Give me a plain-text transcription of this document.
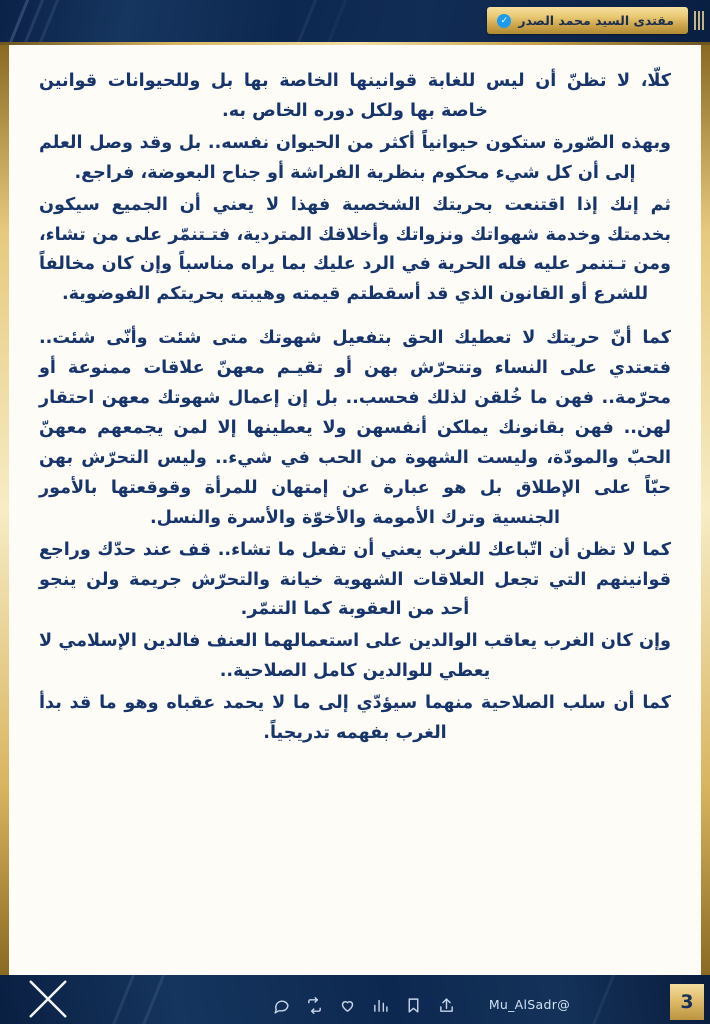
مقتدى السيد محمد الصدر
✓

كلّا، لا تظنّ أن ليس للغابة قوانينها الخاصة بها بل وللحيوانات قوانين خاصة بها ولكل دوره الخاص به.

وبهذه الصّورة ستكون حيوانياً أكثر من الحيوان نفسه.. بل وقد وصل العلم إلى أن كل شيء محكوم بنظرية الفراشة أو جناح البعوضة، فراجع.

ثم إنك إذا اقتنعت بحريتك الشخصية فهذا لا يعني أن الجميع سيكون بخدمتك وخدمة شهواتك ونزواتك وأخلاقك المتردية، فتـتنمّر على من تشاء، ومن تـتنمر عليه فله الحرية في الرد عليك بما يراه مناسباً وإن كان مخالفاً للشرع أو القانون الذي قد أسقطتم قيمته وهيبته بحريتكم الفوضوية.

كما أنّ حريتك لا تعطيك الحق بتفعيل شهوتك متى شئت وأنّى شئت.. فتعتدي على النساء وتتحرّش بهن أو تقيـم معهنّ علاقات ممنوعة أو محرّمة.. فهن ما خُلقن لذلك فحسب.. بل إن إعمال شهوتك معهن احتقار لهن.. فهن بقانونك يملكن أنفسهن ولا يعطينها إلا لمن يجمعهم معهنّ الحبّ والمودّة، وليست الشهوة من الحب في شيء.. وليس التحرّش بهن حبّاً على الإطلاق بل هو عبارة عن إمتهان للمرأة وقوقعتها بالأمور الجنسية وترك الأمومة والأخوّة والأسرة والنسل.

كما لا تظن أن اتّباعك للغرب يعني أن تفعل ما تشاء.. قف عند حدّك وراجع قوانينهم التي تجعل العلاقات الشهوية خيانة والتحرّش جريمة ولن ينجو أحد من العقوبة كما التنمّر.

وإن كان الغرب يعاقب الوالدين على استعمالهما العنف فالدين الإسلامي لا يعطي للوالدين كامل الصلاحية..

كما أن سلب الصلاحية منهما سيؤدّي إلى ما لا يحمد عقباه وهو ما قد بدأ الغرب بفهمه تدريجياً.

@Mu_AlSadr	3
